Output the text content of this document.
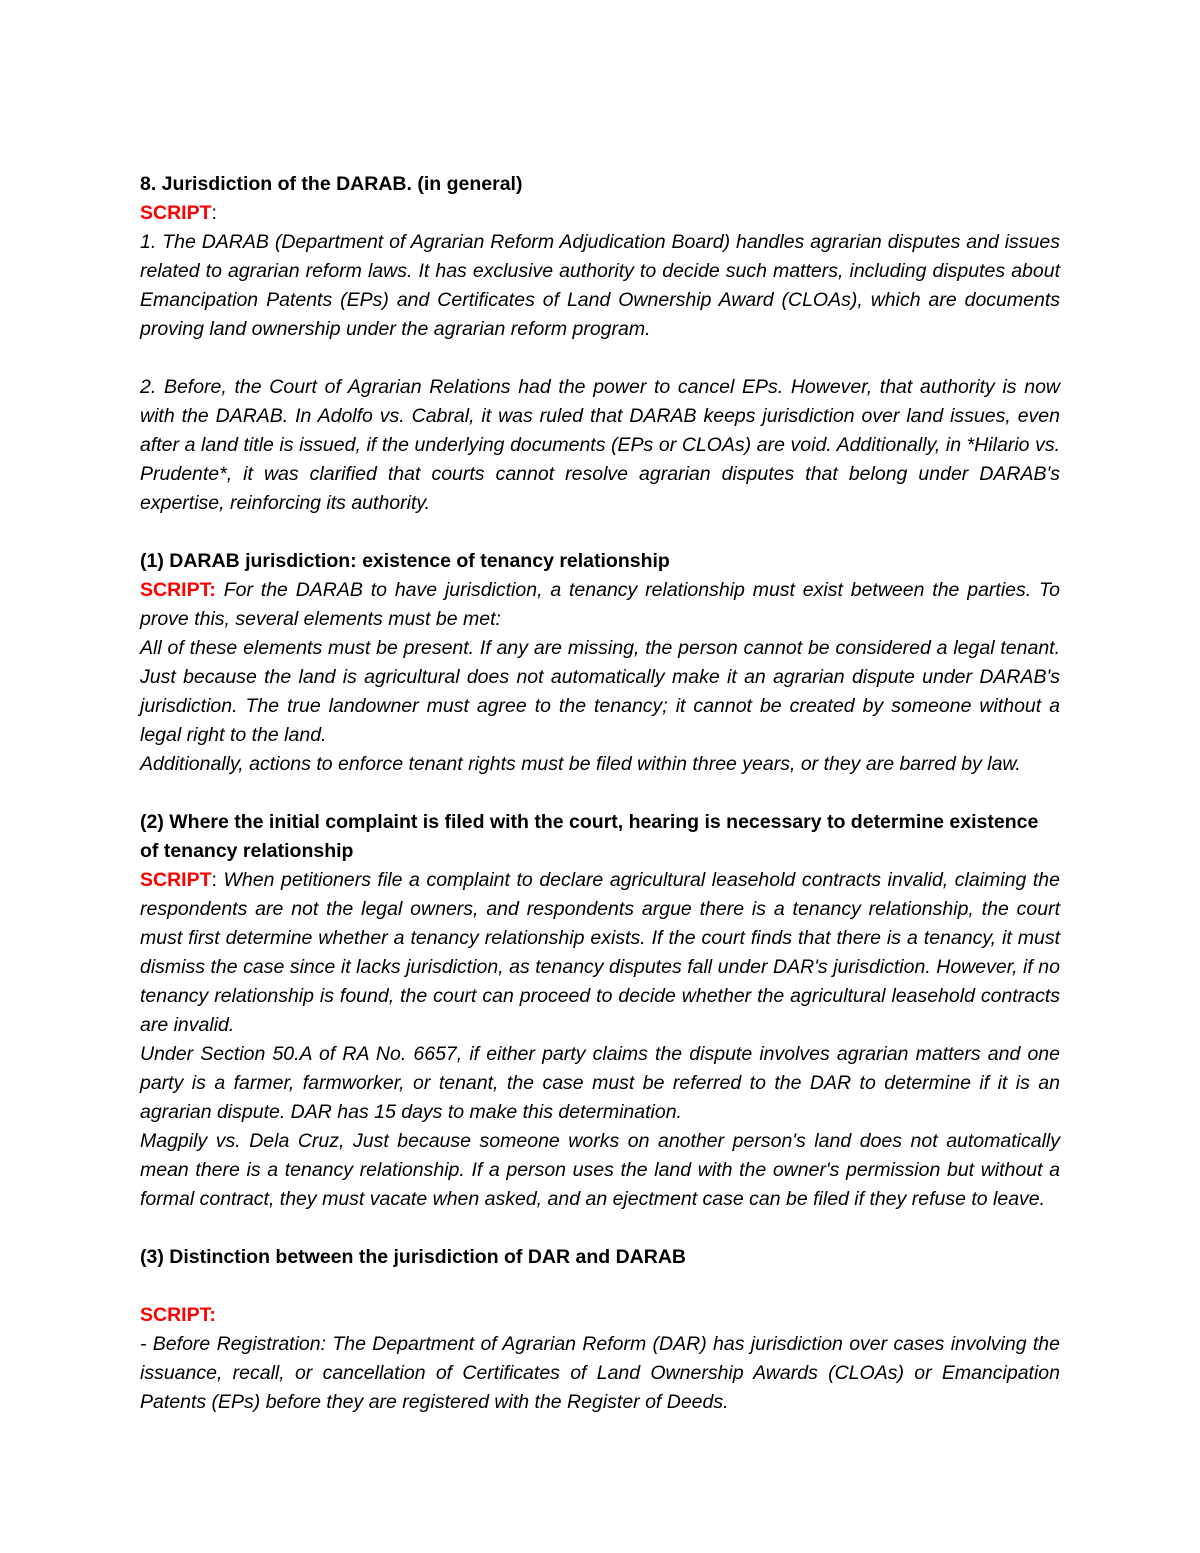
8. Jurisdiction of the DARAB. (in general)

SCRIPT:

1. The DARAB (Department of Agrarian Reform Adjudication Board) handles agrarian disputes and issues related to agrarian reform laws. It has exclusive authority to decide such matters, including disputes about Emancipation Patents (EPs) and Certificates of Land Ownership Award (CLOAs), which are documents proving land ownership under the agrarian reform program.

2. Before, the Court of Agrarian Relations had the power to cancel EPs. However, that authority is now with the DARAB. In Adolfo vs. Cabral, it was ruled that DARAB keeps jurisdiction over land issues, even after a land title is issued, if the underlying documents (EPs or CLOAs) are void. Additionally, in *Hilario vs. Prudente*, it was clarified that courts cannot resolve agrarian disputes that belong under DARAB's expertise, reinforcing its authority.

(1) DARAB jurisdiction: existence of tenancy relationship

SCRIPT: For the DARAB to have jurisdiction, a tenancy relationship must exist between the parties. To prove this, several elements must be met:

All of these elements must be present. If any are missing, the person cannot be considered a legal tenant. Just because the land is agricultural does not automatically make it an agrarian dispute under DARAB's jurisdiction. The true landowner must agree to the tenancy; it cannot be created by someone without a legal right to the land.

Additionally, actions to enforce tenant rights must be filed within three years, or they are barred by law.

(2) Where the initial complaint is filed with the court, hearing is necessary to determine existence of tenancy relationship

SCRIPT: When petitioners file a complaint to declare agricultural leasehold contracts invalid, claiming the respondents are not the legal owners, and respondents argue there is a tenancy relationship, the court must first determine whether a tenancy relationship exists. If the court finds that there is a tenancy, it must dismiss the case since it lacks jurisdiction, as tenancy disputes fall under DAR's jurisdiction. However, if no tenancy relationship is found, the court can proceed to decide whether the agricultural leasehold contracts are invalid.

Under Section 50.A of RA No. 6657, if either party claims the dispute involves agrarian matters and one party is a farmer, farmworker, or tenant, the case must be referred to the DAR to determine if it is an agrarian dispute. DAR has 15 days to make this determination.

Magpily vs. Dela Cruz, Just because someone works on another person's land does not automatically mean there is a tenancy relationship. If a person uses the land with the owner's permission but without a formal contract, they must vacate when asked, and an ejectment case can be filed if they refuse to leave.

(3) Distinction between the jurisdiction of DAR and DARAB

SCRIPT:

- Before Registration: The Department of Agrarian Reform (DAR) has jurisdiction over cases involving the issuance, recall, or cancellation of Certificates of Land Ownership Awards (CLOAs) or Emancipation Patents (EPs) before they are registered with the Register of Deeds.
